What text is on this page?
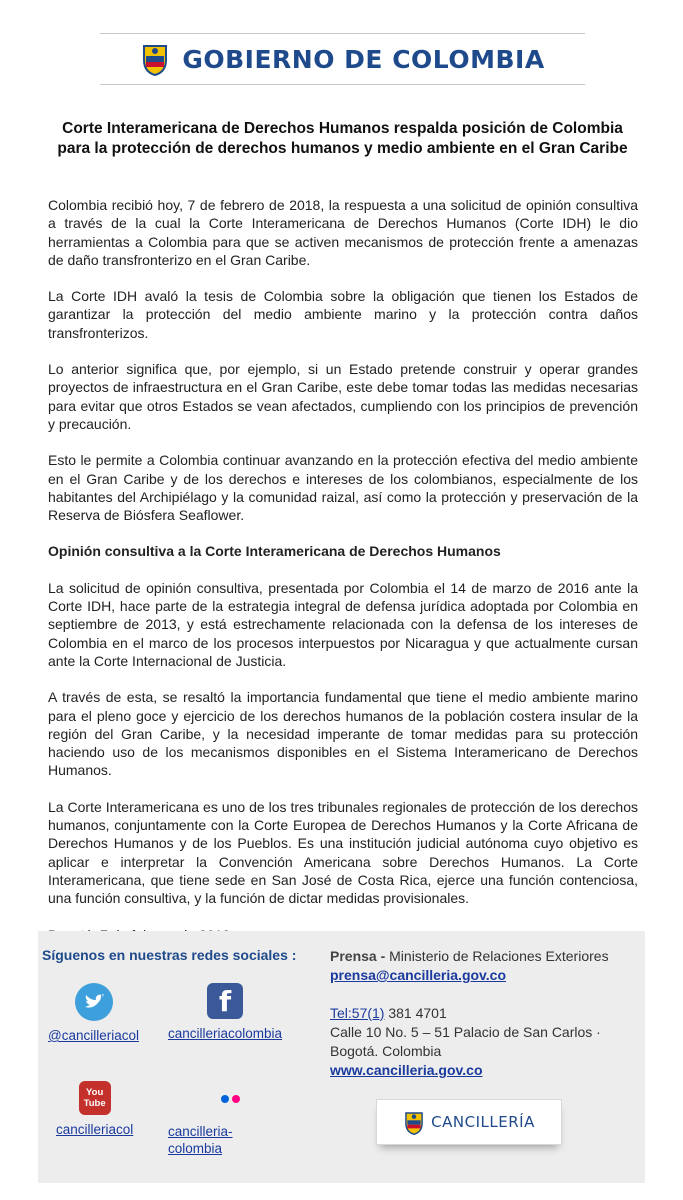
GOBIERNO DE COLOMBIA
Corte Interamericana de Derechos Humanos respalda posición de Colombia para la protección de derechos humanos y medio ambiente en el Gran Caribe

Colombia recibió hoy, 7 de febrero de 2018, la respuesta a una solicitud de opinión consultiva a través de la cual la Corte Interamericana de Derechos Humanos (Corte IDH) le dio herramientas a Colombia para que se activen mecanismos de protección frente a amenazas de daño transfronterizo en el Gran Caribe.

La Corte IDH avaló la tesis de Colombia sobre la obligación que tienen los Estados de garantizar la protección del medio ambiente marino y la protección contra daños transfronterizos.

Lo anterior significa que, por ejemplo, si un Estado pretende construir y operar grandes proyectos de infraestructura en el Gran Caribe, este debe tomar todas las medidas necesarias para evitar que otros Estados se vean afectados, cumpliendo con los principios de prevención y precaución.

Esto le permite a Colombia continuar avanzando en la protección efectiva del medio ambiente en el Gran Caribe y de los derechos e intereses de los colombianos, especialmente de los habitantes del Archipiélago y la comunidad raizal, así como la protección y preservación de la Reserva de Biósfera Seaflower.

Opinión consultiva a la Corte Interamericana de Derechos Humanos

La solicitud de opinión consultiva, presentada por Colombia el 14 de marzo de 2016 ante la Corte IDH, hace parte de la estrategia integral de defensa jurídica adoptada por Colombia en septiembre de 2013, y está estrechamente relacionada con la defensa de los intereses de Colombia en el marco de los procesos interpuestos por Nicaragua y que actualmente cursan ante la Corte Internacional de Justicia.

A través de esta, se resaltó la importancia fundamental que tiene el medio ambiente marino para el pleno goce y ejercicio de los derechos humanos de la población costera insular de la región del Gran Caribe, y la necesidad imperante de tomar medidas para su protección haciendo uso de los mecanismos disponibles en el Sistema Interamericano de Derechos Humanos.

La Corte Interamericana es uno de los tres tribunales regionales de protección de los derechos humanos, conjuntamente con la Corte Europea de Derechos Humanos y la Corte Africana de Derechos Humanos y de los Pueblos. Es una institución judicial autónoma cuyo objetivo es aplicar e interpretar la Convención Americana sobre Derechos Humanos. La Corte Interamericana, que tiene sede en San José de Costa Rica, ejerce una función contenciosa, una función consultiva, y la función de dictar medidas provisionales.

Síguenos en nuestras redes sociales :
@cancilleriacol
f
cancilleriacolombia
You
Tube
cancilleriacol	cancilleria-
colombia
Prensa - Ministerio de Relaciones Exteriores
prensa@cancilleria.gov.co
Tel:57(1) 381 4701
Calle 10 No. 5 – 51 Palacio de San Carlos ·
Bogotá. Colombia
www.cancilleria.gov.co
CANCILLERÍA
